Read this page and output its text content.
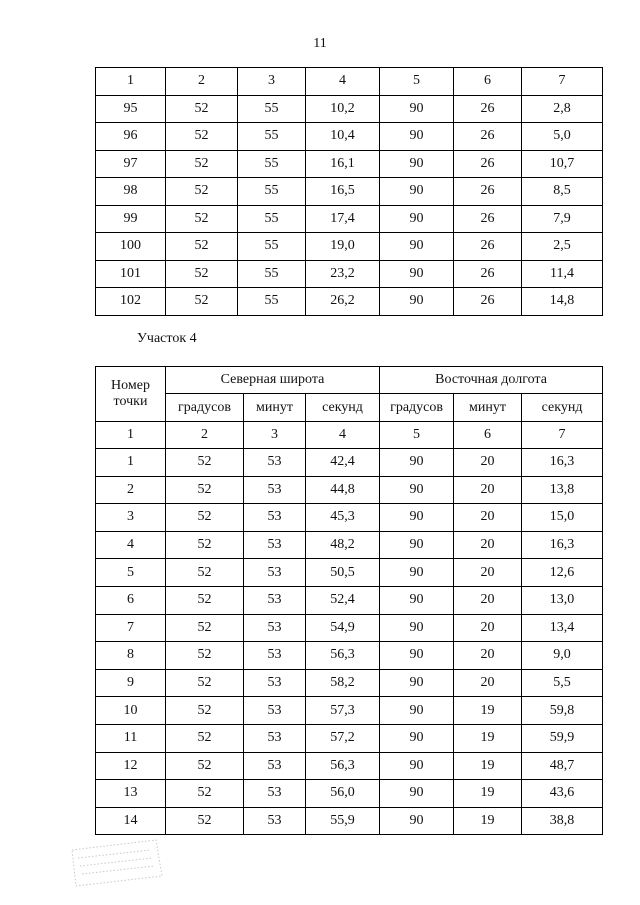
11
1	2	3	4	5	6	7
95	52	55	10,2	90	26	2,8
96	52	55	10,4	90	26	5,0
97	52	55	16,1	90	26	10,7
98	52	55	16,5	90	26	8,5
99	52	55	17,4	90	26	7,9
100	52	55	19,0	90	26	2,5
101	52	55	23,2	90	26	11,4
102	52	55	26,2	90	26	14,8
Участок 4
Номер точки	Северная широта			Восточная долгота		
	градусов	минут	секунд	градусов	минут	секунд
1	2	3	4	5	6	7
1	52	53	42,4	90	20	16,3
2	52	53	44,8	90	20	13,8
3	52	53	45,3	90	20	15,0
4	52	53	48,2	90	20	16,3
5	52	53	50,5	90	20	12,6
6	52	53	52,4	90	20	13,0
7	52	53	54,9	90	20	13,4
8	52	53	56,3	90	20	9,0
9	52	53	58,2	90	20	5,5
10	52	53	57,3	90	19	59,8
11	52	53	57,2	90	19	59,9
12	52	53	56,3	90	19	48,7
13	52	53	56,0	90	19	43,6
14	52	53	55,9	90	19	38,8
